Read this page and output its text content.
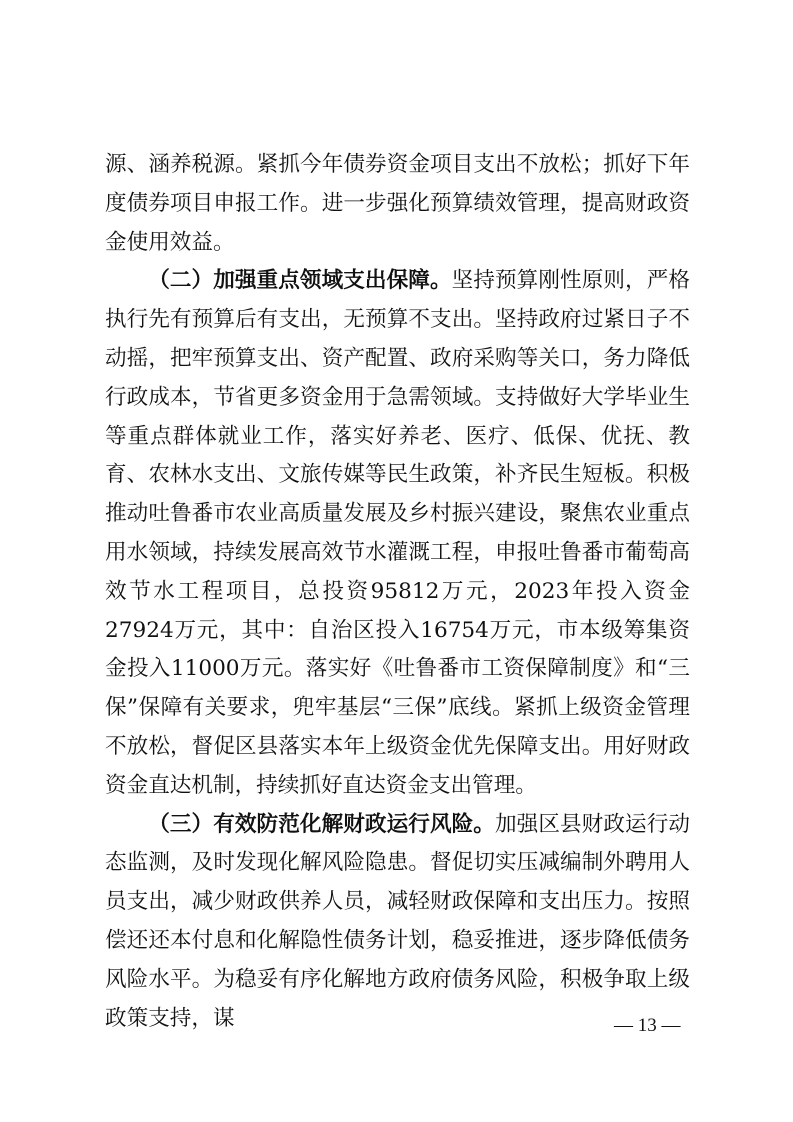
源、涵养税源。紧抓今年债券资金项目支出不放松；抓好下年度债券项目申报工作。进一步强化预算绩效管理，提高财政资金使用效益。

（二）加强重点领域支出保障。坚持预算刚性原则，严格执行先有预算后有支出，无预算不支出。坚持政府过紧日子不动摇，把牢预算支出、资产配置、政府采购等关口，务力降低行政成本，节省更多资金用于急需领域。支持做好大学毕业生等重点群体就业工作，落实好养老、医疗、低保、优抚、教育、农林水支出、文旅传媒等民生政策，补齐民生短板。积极推动吐鲁番市农业高质量发展及乡村振兴建设，聚焦农业重点用水领域，持续发展高效节水灌溉工程，申报吐鲁番市葡萄高效节水工程项目，总投资95812万元，2023年投入资金27924万元，其中：自治区投入16754万元，市本级筹集资金投入11000万元。落实好《吐鲁番市工资保障制度》和“三保”保障有关要求，兜牢基层“三保”底线。紧抓上级资金管理不放松，督促区县落实本年上级资金优先保障支出。用好财政资金直达机制，持续抓好直达资金支出管理。

（三）有效防范化解财政运行风险。加强区县财政运行动态监测，及时发现化解风险隐患。督促切实压减编制外聘用人员支出，减少财政供养人员，减轻财政保障和支出压力。按照偿还还本付息和化解隐性债务计划，稳妥推进，逐步降低债务风险水平。为稳妥有序化解地方政府债务风险，积极争取上级政策支持，谋	— 13 —
